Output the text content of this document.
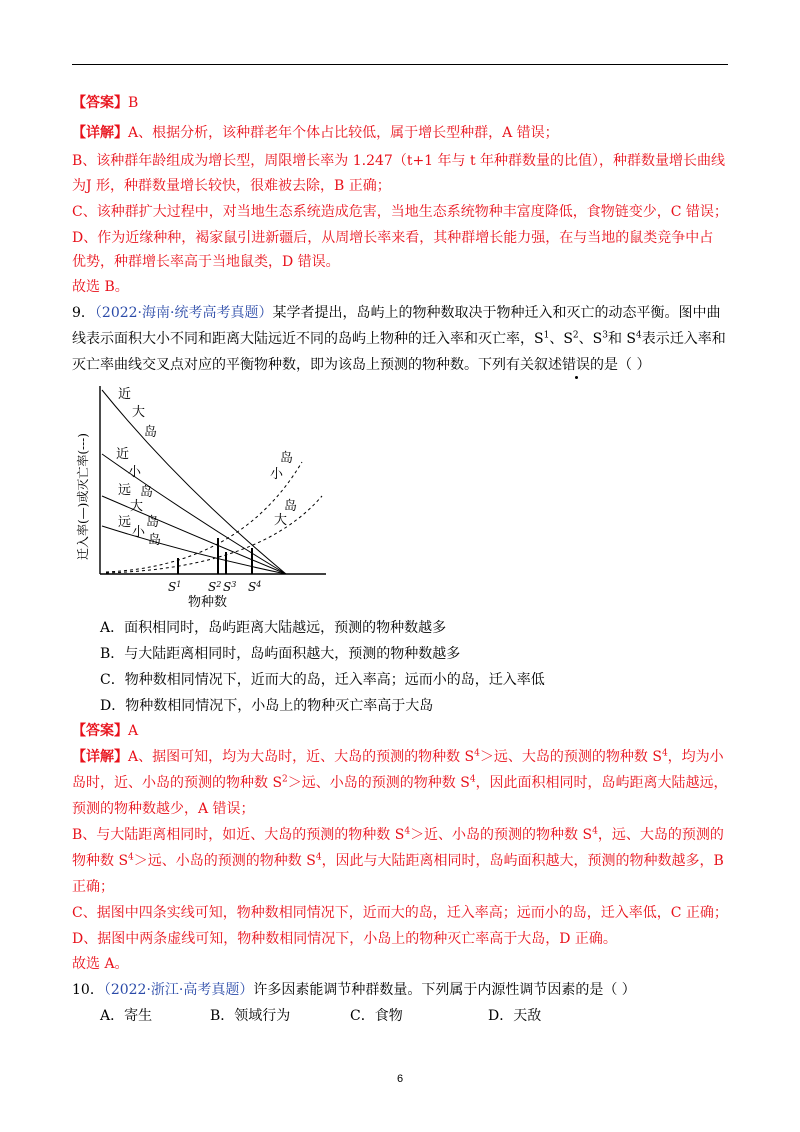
【答案】B
【详解】A、根据分析，该种群老年个体占比较低，属于增长型种群，A 错误；
B、该种群年龄组成为增长型，周限增长率为 1.247（t+1 年与 t 年种群数量的比值），种群数量增长曲线
为J 形，种群数量增长较快，很难被去除，B 正确；
C、该种群扩大过程中，对当地生态系统造成危害，当地生态系统物种丰富度降低，食物链变少，C 错误；
D、作为近缘种种，褐家鼠引进新疆后，从周增长率来看，其种群增长能力强，在与当地的鼠类竞争中占
优势，种群增长率高于当地鼠类，D 错误。
故选 B。
9．（2022·海南·统考高考真题）某学者提出，岛屿上的物种数取决于物种迁入和灭亡的动态平衡。图中曲
线表示面积大小不同和距离大陆远近不同的岛屿上物种的迁入率和灭亡率，$S^1$、$S^2$、$S^3$和 $S^4$表示迁入率和
灭亡率曲线交叉点对应的平衡物种数，即为该岛上预测的物种数。下列有关叙述错误的是（ ）
$S^1$ $S^2$ $S^3$ $S^4$
物种数
迁入率(—)或灭亡率(---)
近
大
岛
近
小
岛
远
大
岛
远
小
岛
小
岛
大
岛
A．面积相同时，岛屿距离大陆越远，预测的物种数越多
B．与大陆距离相同时，岛屿面积越大，预测的物种数越多
C．物种数相同情况下，近而大的岛，迁入率高；远而小的岛，迁入率低
D．物种数相同情况下，小岛上的物种灭亡率高于大岛
【答案】A
【详解】A、据图可知，均为大岛时，近、大岛的预测的物种数 $S^4>$远、大岛的预测的物种数 $S^4$，均为小
岛时，近、小岛的预测的物种数 $S^2>$远、小岛的预测的物种数 $S^4$，因此面积相同时，岛屿距离大陆越远，
预测的物种数越少，A 错误；
B、与大陆距离相同时，如近、大岛的预测的物种数 $S^4>$近、小岛的预测的物种数 $S^4$，远、大岛的预测的
物种数 $S^4>$远、小岛的预测的物种数 $S^4$，因此与大陆距离相同时，岛屿面积越大，预测的物种数越多，B
正确；
C、据图中四条实线可知，物种数相同情况下，近而大的岛，迁入率高；远而小的岛，迁入率低，C 正确；
D、据图中两条虚线可知，物种数相同情况下，小岛上的物种灭亡率高于大岛，D 正确。
故选 A。
10．（2022·浙江·高考真题）许多因素能调节种群数量。下列属于内源性调节因素的是（ ）
A．寄生	B．领域行为	C．食物	D．天敌
6
